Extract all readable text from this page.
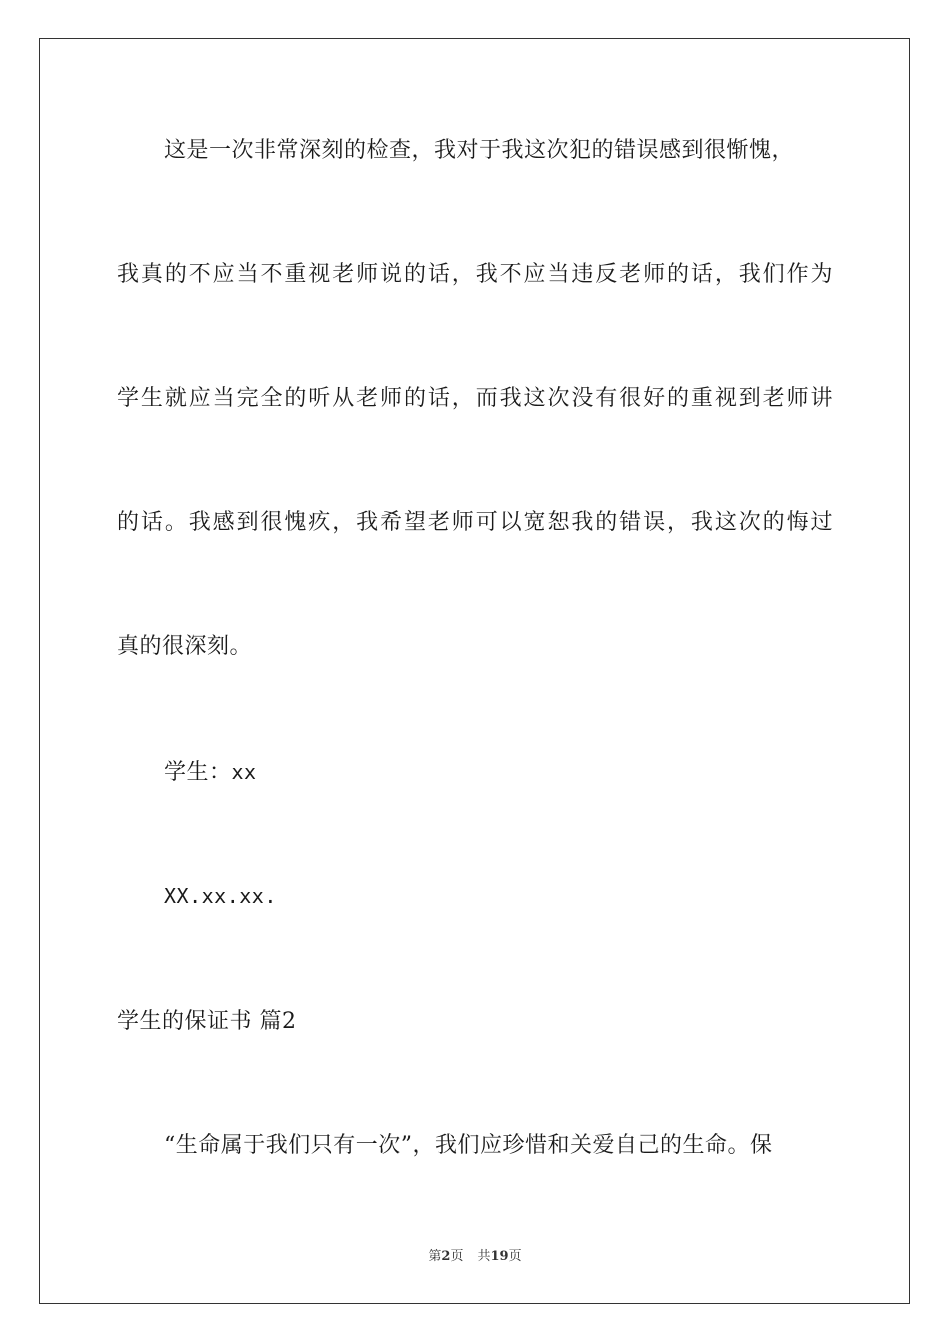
这是一次非常深刻的检查，我对于我这次犯的错误感到很惭愧，
我真的不应当不重视老师说的话，我不应当违反老师的话，我们作为
学生就应当完全的听从老师的话，而我这次没有很好的重视到老师讲
的话。我感到很愧疚，我希望老师可以宽恕我的错误，我这次的悔过
真的很深刻。
学生：xx
XX.xx.xx.
学生的保证书 篇2
“生命属于我们只有一次”，我们应珍惜和关爱自己的生命。保
第2页 共19页
